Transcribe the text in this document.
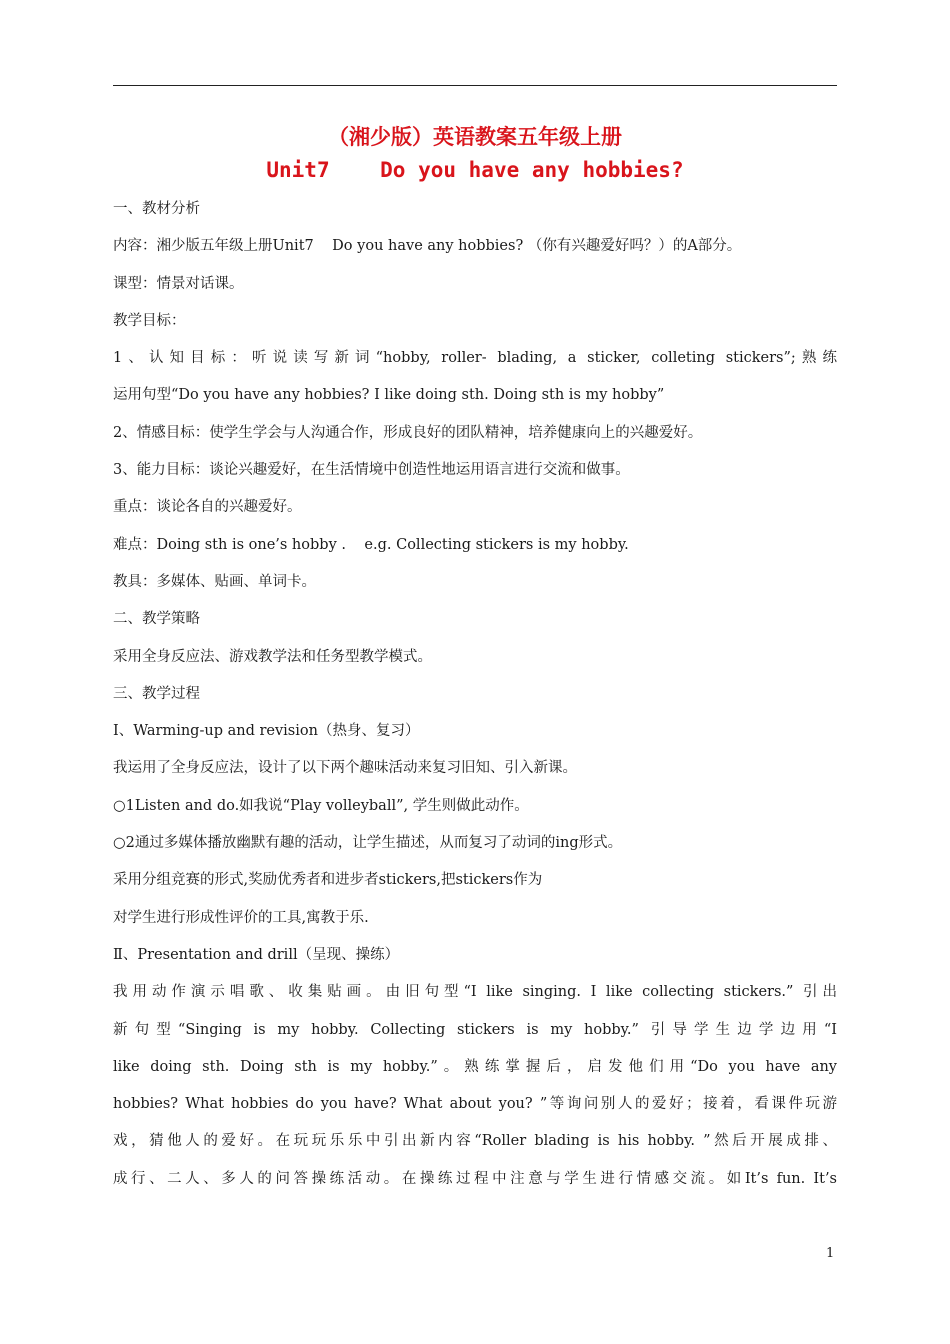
（湘少版）英语教案五年级上册
Unit7    Do you have any hobbies?
一、教材分析
内容：湘少版五年级上册Unit7    Do you have any hobbies? （你有兴趣爱好吗？）的A部分。
课型：情景对话课。
教学目标：
1、认知目标：听说读写新词“hobby, roller- blading, a sticker, colleting stickers”;熟练
运用句型“Do you have any hobbies? I like doing sth. Doing sth is my hobby”
2、情感目标：使学生学会与人沟通合作，形成良好的团队精神，培养健康向上的兴趣爱好。
3、能力目标：谈论兴趣爱好，在生活情境中创造性地运用语言进行交流和做事。
重点：谈论各自的兴趣爱好。
难点：Doing sth is one’s hobby .    e.g. Collecting stickers is my hobby.
教具：多媒体、贴画、单词卡。
二、教学策略
采用全身反应法、游戏教学法和任务型教学模式。
三、教学过程
Ⅰ、Warming-up and revision（热身、复习）
我运用了全身反应法，设计了以下两个趣味活动来复习旧知、引入新课。
○1Listen and do.如我说“Play volleyball”, 学生则做此动作。
○2通过多媒体播放幽默有趣的活动，让学生描述，从而复习了动词的ing形式。
采用分组竞赛的形式,奖励优秀者和进步者stickers,把stickers作为
对学生进行形成性评价的工具,寓教于乐.
Ⅱ、Presentation and drill（呈现、操练）
我用动作演示唱歌、收集贴画。由旧句型“I like singing. I like collecting stickers.” 引出
新句型“Singing is my hobby. Collecting stickers is my hobby.” 引导学生边学边用“I
like doing sth. Doing sth is my hobby.”。熟练掌握后，启发他们用“Do you have any
hobbies? What hobbies do you have? What about you? ”等询问别人的爱好；接着，看课件玩游
戏，猜他人的爱好。在玩玩乐乐中引出新内容“Roller blading is his hobby. ”然后开展成排、
成行、二人、多人的问答操练活动。在操练过程中注意与学生进行情感交流。如It’s fun. It’s
1
